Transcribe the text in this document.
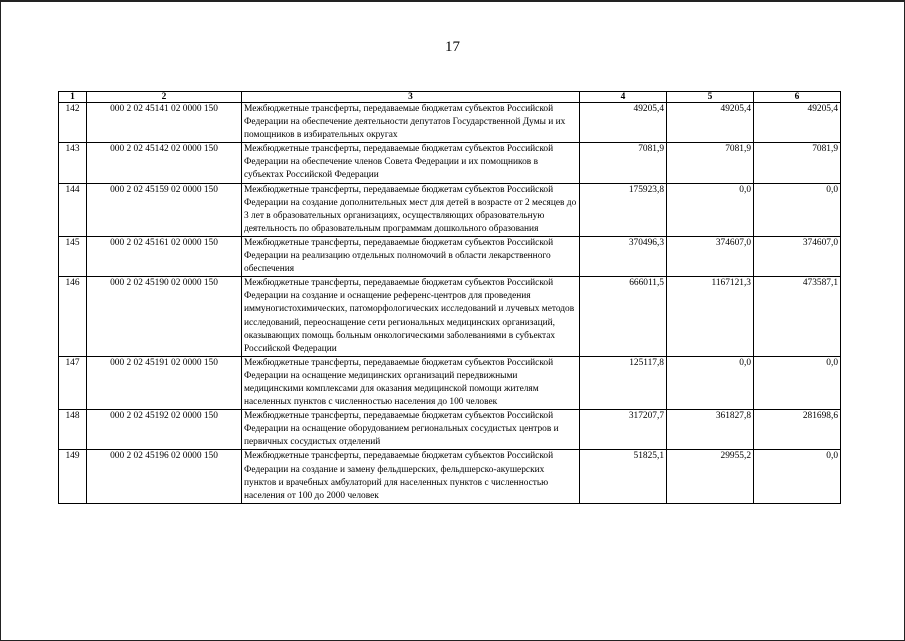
17
1	2	3	4	5	6
142	000 2 02 45141 02 0000 150	Межбюджетные трансферты, передаваемые бюджетам субъектов Российской Федерации на обеспечение деятельности депутатов Государственной Думы и их помощников в избирательных округах	49205,4	49205,4	49205,4
143	000 2 02 45142 02 0000 150	Межбюджетные трансферты, передаваемые бюджетам субъектов Российской Федерации на обеспечение членов Совета Федерации и их помощников в субъектах Российской Федерации	7081,9	7081,9	7081,9
144	000 2 02 45159 02 0000 150	Межбюджетные трансферты, передаваемые бюджетам субъектов Российской Федерации на создание дополнительных мест для детей в возрасте от 2 месяцев до 3 лет в образовательных организациях, осуществляющих образовательную деятельность по образовательным программам дошкольного образования	175923,8	0,0	0,0
145	000 2 02 45161 02 0000 150	Межбюджетные трансферты, передаваемые бюджетам субъектов Российской Федерации на реализацию отдельных полномочий в области лекарственного обеспечения	370496,3	374607,0	374607,0
146	000 2 02 45190 02 0000 150	Межбюджетные трансферты, передаваемые бюджетам субъектов Российской Федерации на создание и оснащение референс-центров для проведения иммуногистохимических, патоморфологических исследований и лучевых методов исследований, переоснащение сети региональных медицинских организаций, оказывающих помощь больным онкологическими заболеваниями в субъектах Российской Федерации	666011,5	1167121,3	473587,1
147	000 2 02 45191 02 0000 150	Межбюджетные трансферты, передаваемые бюджетам субъектов Российской Федерации на оснащение медицинских организаций передвижными медицинскими комплексами для оказания медицинской помощи жителям населенных пунктов с численностью населения до 100 человек	125117,8	0,0	0,0
148	000 2 02 45192 02 0000 150	Межбюджетные трансферты, передаваемые бюджетам субъектов Российской Федерации на оснащение оборудованием региональных сосудистых центров и первичных сосудистых отделений	317207,7	361827,8	281698,6
149	000 2 02 45196 02 0000 150	Межбюджетные трансферты, передаваемые бюджетам субъектов Российской Федерации на создание и замену фельдшерских, фельдшерско-акушерских пунктов и врачебных амбулаторий для населенных пунктов с численностью населения от 100 до 2000 человек	51825,1	29955,2	0,0
